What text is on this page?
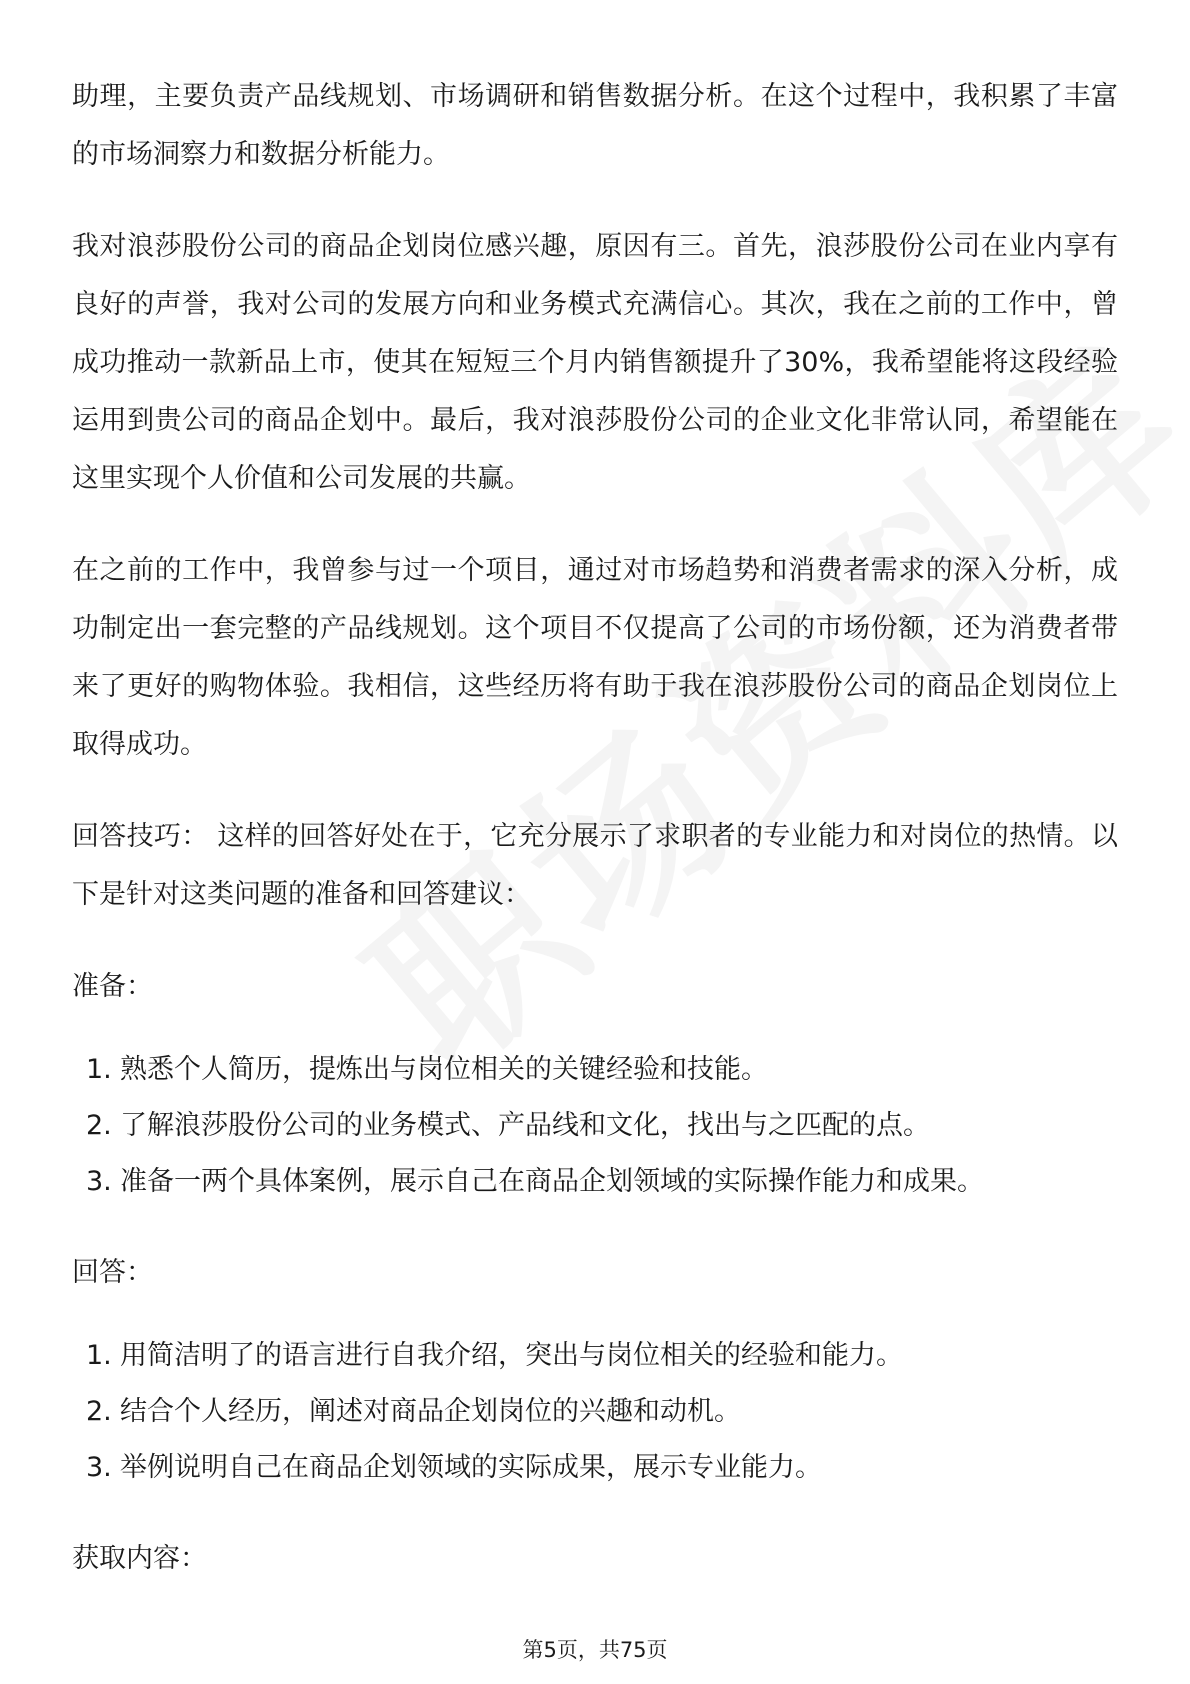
助理，主要负责产品线规划、市场调研和销售数据分析。在这个过程中，我积累了丰富的市场洞察力和数据分析能力。

我对浪莎股份公司的商品企划岗位感兴趣，原因有三。首先，浪莎股份公司在业内享有良好的声誉，我对公司的发展方向和业务模式充满信心。其次，我在之前的工作中，曾成功推动一款新品上市，使其在短短三个月内销售额提升了30%，我希望能将这段经验运用到贵公司的商品企划中。最后，我对浪莎股份公司的企业文化非常认同，希望能在这里实现个人价值和公司发展的共赢。

在之前的工作中，我曾参与过一个项目，通过对市场趋势和消费者需求的深入分析，成功制定出一套完整的产品线规划。这个项目不仅提高了公司的市场份额，还为消费者带来了更好的购物体验。我相信，这些经历将有助于我在浪莎股份公司的商品企划岗位上取得成功。

回答技巧： 这样的回答好处在于，它充分展示了求职者的专业能力和对岗位的热情。以下是针对这类问题的准备和回答建议：

准备：
1. 熟悉个人简历，提炼出与岗位相关的关键经验和技能。
2. 了解浪莎股份公司的业务模式、产品线和文化，找出与之匹配的点。
3. 准备一两个具体案例，展示自己在商品企划领域的实际操作能力和成果。
回答：
1. 用简洁明了的语言进行自我介绍，突出与岗位相关的经验和能力。
2. 结合个人经历，阐述对商品企划岗位的兴趣和动机。
3. 举例说明自己在商品企划领域的实际成果，展示专业能力。
获取内容：
第5页，共75页
